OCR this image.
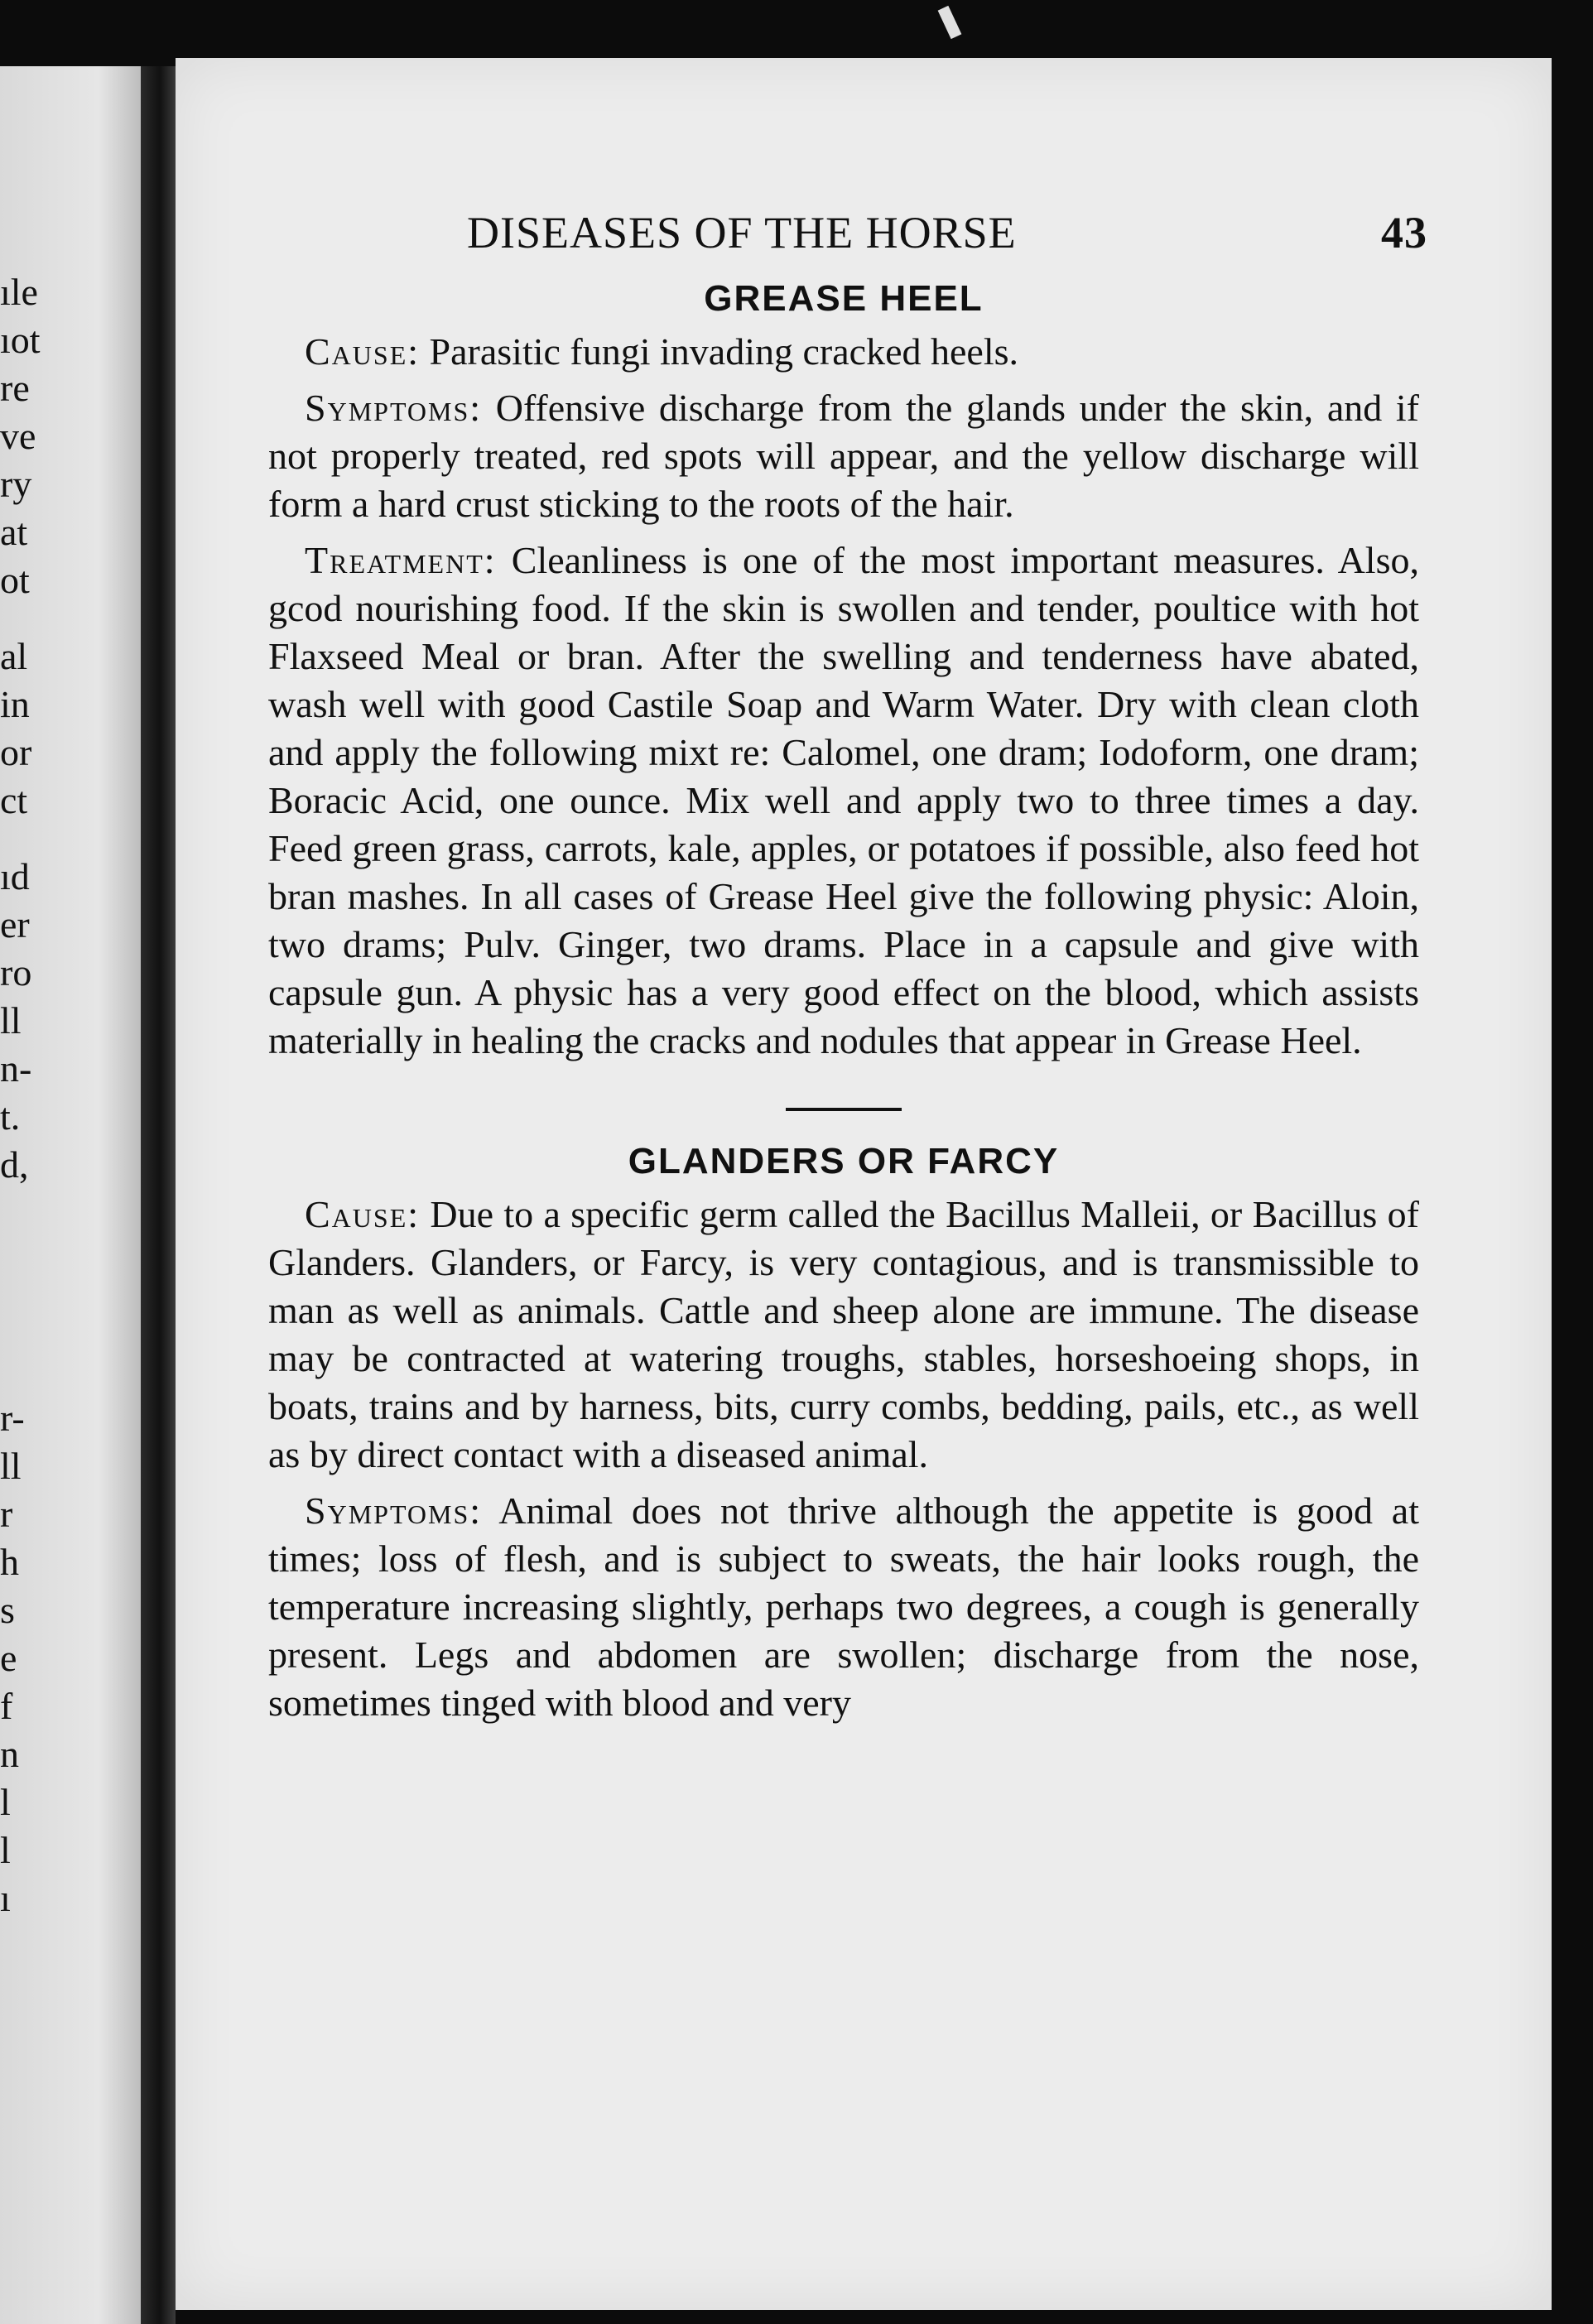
ıle
ıot
re
ve
ry
at
ot
al
in
or
ct
ıd
er
ro
ll
n-
t.
d,
r-
ll
r
h
s
e
f
n
l
l
ı
DISEASES OF THE HORSE	43
GREASE HEEL

Cause: Parasitic fungi invading cracked heels.

Symptoms: Offensive discharge from the glands under the skin, and if not properly treated, red spots will appear, and the yellow discharge will form a hard crust sticking to the roots of the hair.

Treatment: Cleanliness is one of the most important measures. Also, gcod nourishing food. If the skin is swollen and tender, poultice with hot Flaxseed Meal or bran. After the swelling and tenderness have abated, wash well with good Castile Soap and Warm Water. Dry with clean cloth and apply the following mixt re: Calomel, one dram; Iodoform, one dram; Boracic Acid, one ounce. Mix well and apply two to three times a day. Feed green grass, carrots, kale, apples, or potatoes if possible, also feed hot bran mashes. In all cases of Grease Heel give the following physic: Aloin, two drams; Pulv. Ginger, two drams. Place in a capsule and give with capsule gun. A physic has a very good effect on the blood, which assists materially in healing the cracks and nodules that appear in Grease Heel.

GLANDERS OR FARCY

Cause: Due to a specific germ called the Bacillus Malleii, or Bacillus of Glanders. Glanders, or Farcy, is very contagious, and is transmissible to man as well as animals. Cattle and sheep alone are immune. The disease may be contracted at watering troughs, stables, horseshoeing shops, in boats, trains and by harness, bits, curry combs, bedding, pails, etc., as well as by direct contact with a diseased animal.

Symptoms: Animal does not thrive although the appetite is good at times; loss of flesh, and is subject to sweats, the hair looks rough, the temperature increasing slightly, perhaps two degrees, a cough is generally present. Legs and abdomen are swollen; discharge from the nose, sometimes tinged with blood and very
